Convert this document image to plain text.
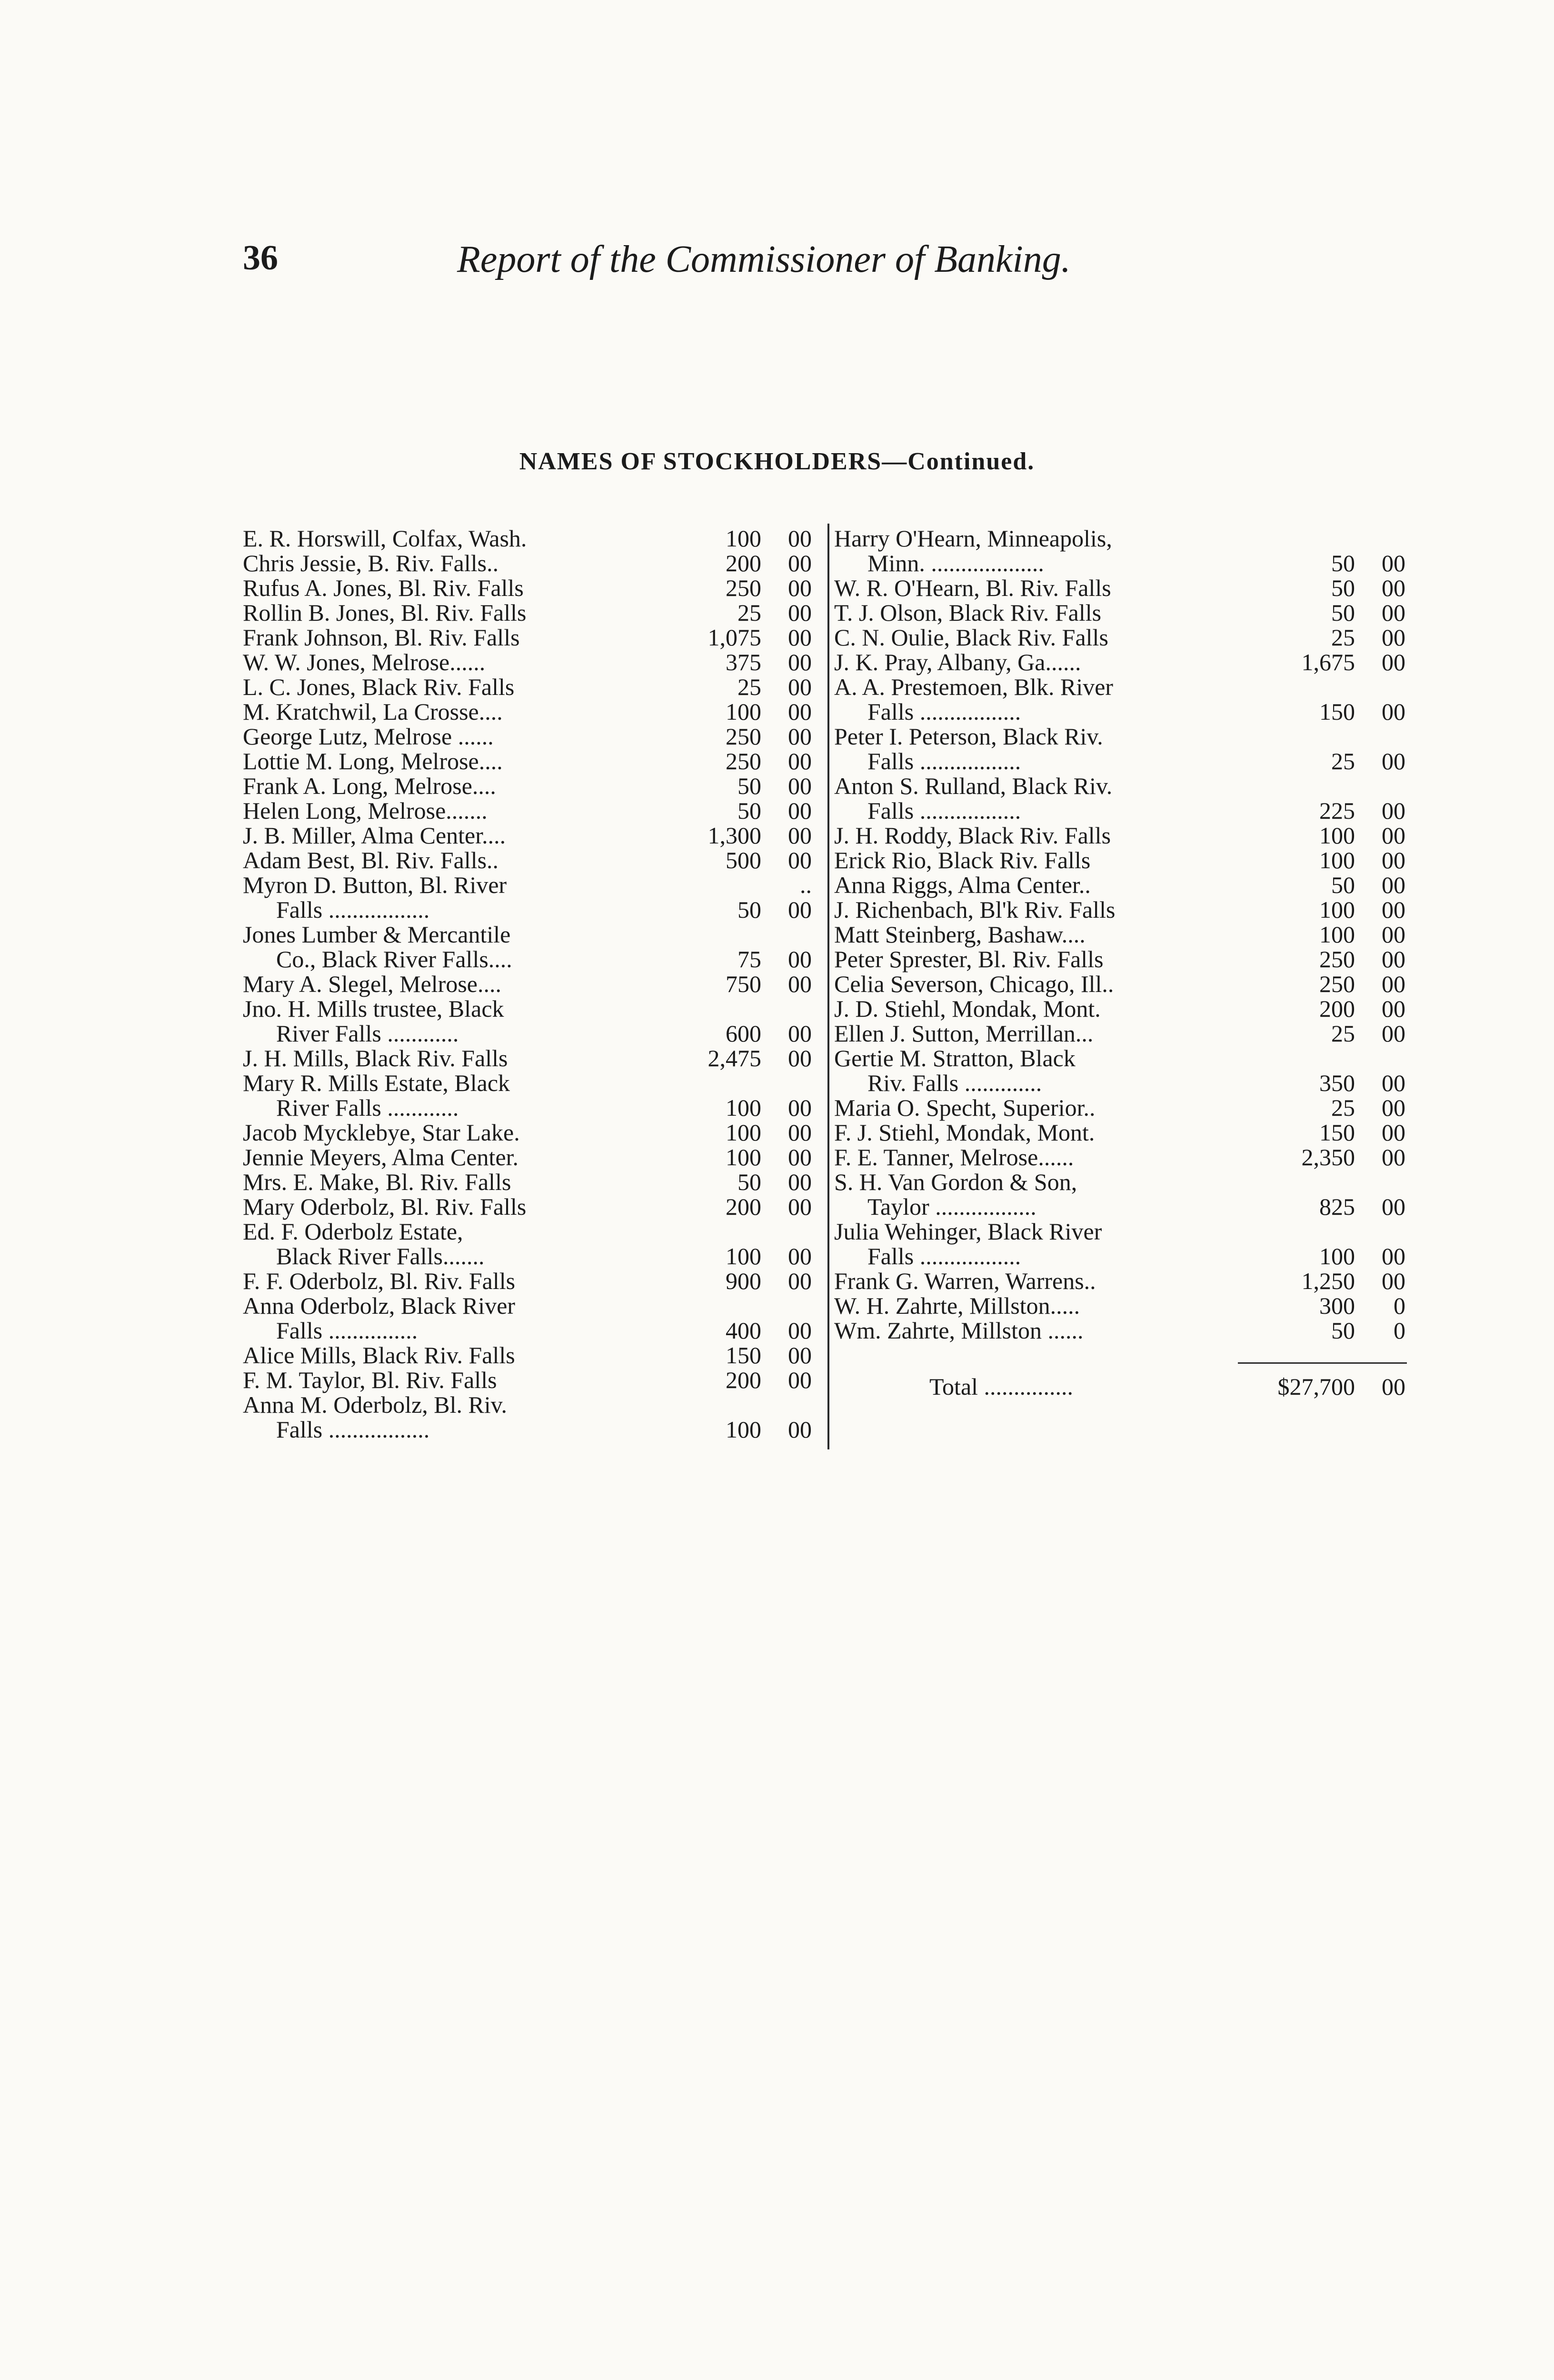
36	Report of the Commissioner of Banking.
NAMES OF STOCKHOLDERS—Continued.
E. R. Horswill, Colfax, Wash.	100	00
Chris Jessie, B. Riv. Falls..	200	00
Rufus A. Jones, Bl. Riv. Falls	250	00
Rollin B. Jones, Bl. Riv. Falls	25	00
Frank Johnson, Bl. Riv. Falls	1,075	00
W. W. Jones, Melrose......	375	00
L. C. Jones, Black Riv. Falls	25	00
M. Kratchwil, La Crosse....	100	00
George Lutz, Melrose ......	250	00
Lottie M. Long, Melrose....	250	00
Frank A. Long, Melrose....	50	00
Helen Long, Melrose.......	50	00
J. B. Miller, Alma Center....	1,300	00
Adam Best, Bl. Riv. Falls..	500	00
Myron D. Button, Bl. River	..
Falls .................	50	00
Jones Lumber & Mercantile
Co., Black River Falls....	75	00
Mary A. Slegel, Melrose....	750	00
Jno. H. Mills trustee, Black
River Falls ............	600	00
J. H. Mills, Black Riv. Falls	2,475	00
Mary R. Mills Estate, Black
River Falls ............	100	00
Jacob Mycklebye, Star Lake.	100	00
Jennie Meyers, Alma Center.	100	00
Mrs. E. Make, Bl. Riv. Falls	50	00
Mary Oderbolz, Bl. Riv. Falls	200	00
Ed. F. Oderbolz Estate,
Black River Falls.......	100	00
F. F. Oderbolz, Bl. Riv. Falls	900	00
Anna Oderbolz, Black River
Falls ...............	400	00
Alice Mills, Black Riv. Falls	150	00
F. M. Taylor, Bl. Riv. Falls	200	00
Anna M. Oderbolz, Bl. Riv.
Falls .................	100	00
Harry O'Hearn, Minneapolis,
Minn. ...................	50	00
W. R. O'Hearn, Bl. Riv. Falls	50	00
T. J. Olson, Black Riv. Falls	50	00
C. N. Oulie, Black Riv. Falls	25	00
J. K. Pray, Albany, Ga......	1,675	00
A. A. Prestemoen, Blk. River
Falls .................	150	00
Peter I. Peterson, Black Riv.
Falls .................	25	00
Anton S. Rulland, Black Riv.
Falls .................	225	00
J. H. Roddy, Black Riv. Falls	100	00
Erick Rio, Black Riv. Falls	100	00
Anna Riggs, Alma Center..	50	00
J. Richenbach, Bl'k Riv. Falls	100	00
Matt Steinberg, Bashaw....	100	00
Peter Sprester, Bl. Riv. Falls	250	00
Celia Severson, Chicago, Ill..	250	00
J. D. Stiehl, Mondak, Mont.	200	00
Ellen J. Sutton, Merrillan...	25	00
Gertie M. Stratton, Black
Riv. Falls .............	350	00
Maria O. Specht, Superior..	25	00
F. J. Stiehl, Mondak, Mont.	150	00
F. E. Tanner, Melrose......	2,350	00
S. H. Van Gordon & Son,
Taylor .................	825	00
Julia Wehinger, Black River
Falls .................	100	00
Frank G. Warren, Warrens..	1,250	00
W. H. Zahrte, Millston.....	300	0
Wm. Zahrte, Millston ......	50	0
Total ...............	$27,700	00
